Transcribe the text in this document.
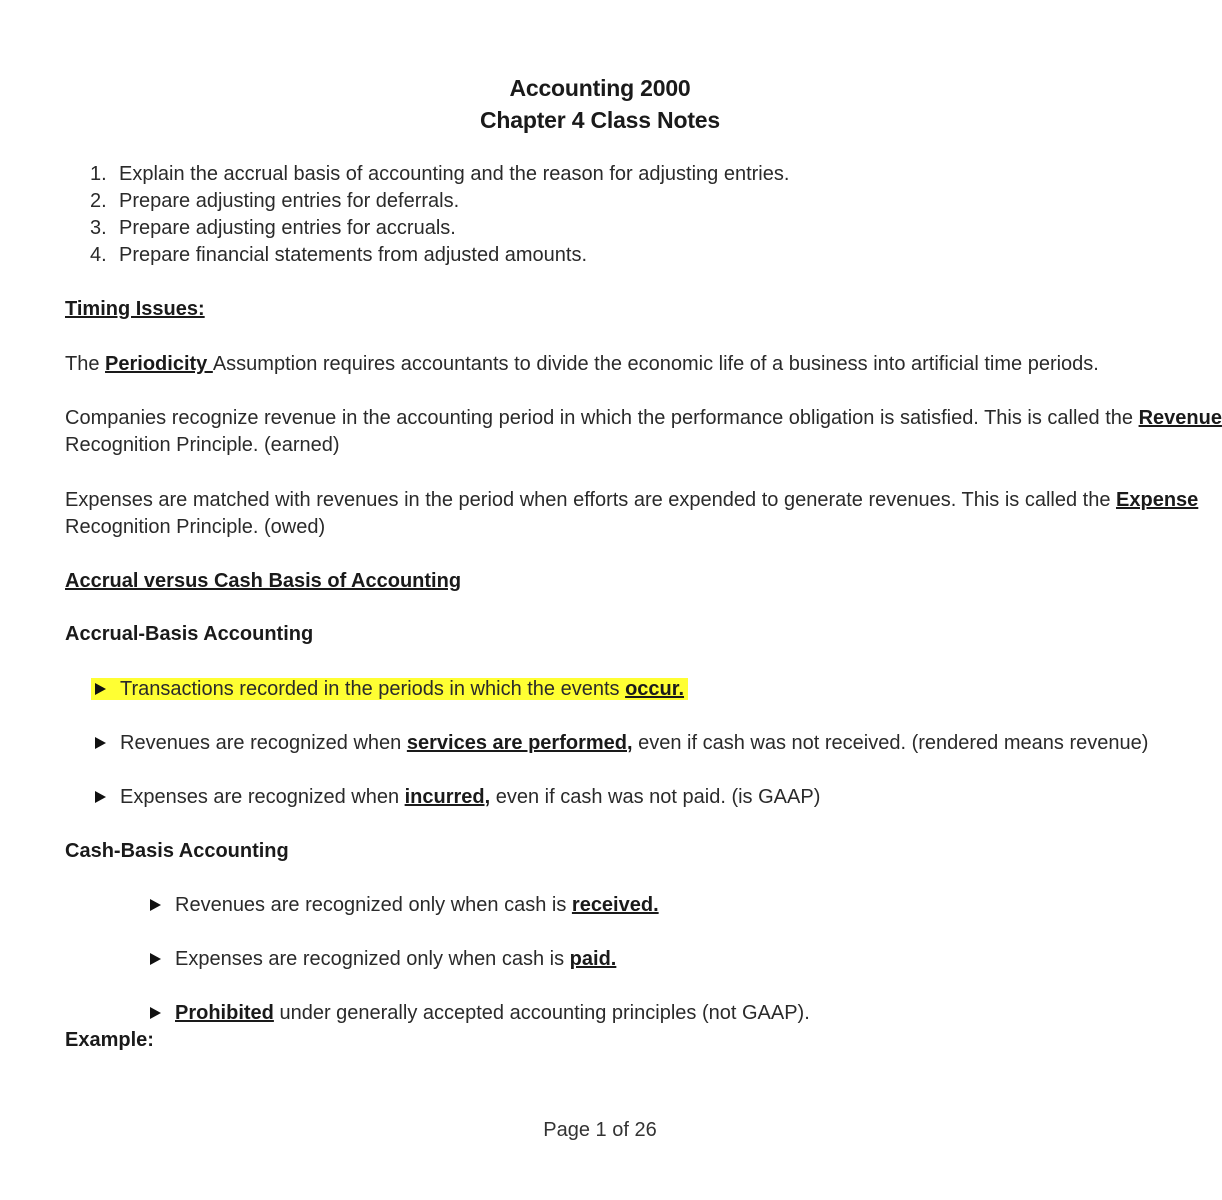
Accounting 2000
Chapter 4 Class Notes
1. Explain the accrual basis of accounting and the reason for adjusting entries.
2. Prepare adjusting entries for deferrals.
3. Prepare adjusting entries for accruals.
4. Prepare financial statements from adjusted amounts.
Timing Issues:
The Periodicity Assumption requires accountants to divide the economic life of a business into artificial time periods.
Companies recognize revenue in the accounting period in which the performance obligation is satisfied. This is called the Revenue
Recognition Principle. (earned)
Expenses are matched with revenues in the period when efforts are expended to generate revenues. This is called the Expense
Recognition Principle. (owed)
Accrual versus Cash Basis of Accounting
Accrual-Basis Accounting
Transactions recorded in the periods in which the events occur.
Revenues are recognized when services are performed, even if cash was not received. (rendered means revenue)
Expenses are recognized when incurred, even if cash was not paid. (is GAAP)
Cash-Basis Accounting
Revenues are recognized only when cash is received.
Expenses are recognized only when cash is paid.
Prohibited under generally accepted accounting principles (not GAAP).
Example:
Page 1 of 26
